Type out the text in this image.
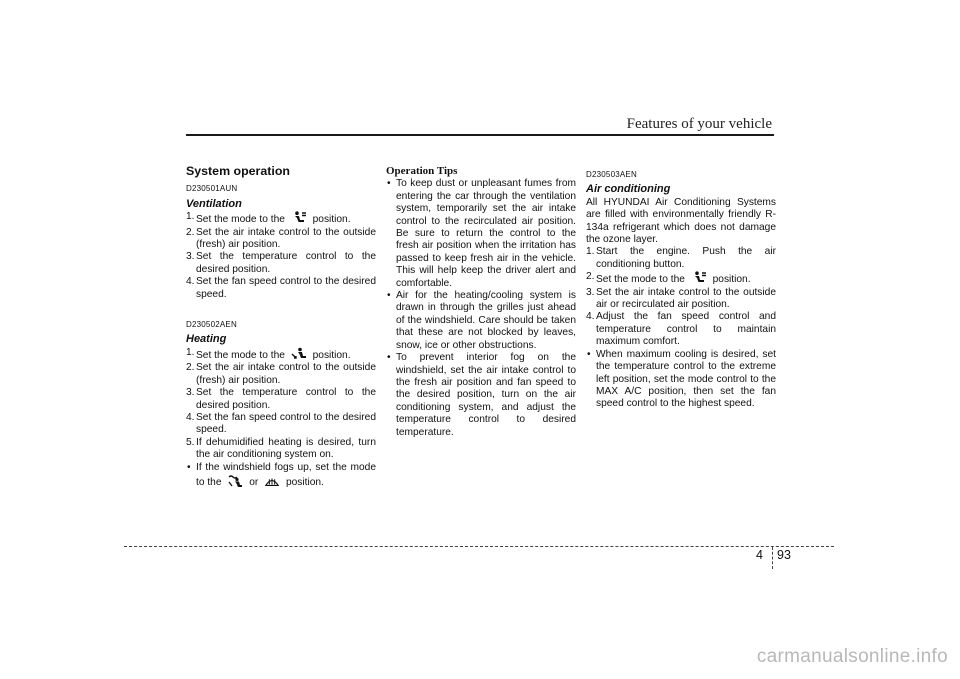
Features of your vehicle
System operation
D230501AUN
Ventilation
1. Set the mode to the	position.
2. Set the air intake control to the outside (fresh) air position.
3. Set the temperature control to the desired position.
4. Set the fan speed control to the desired speed.
D230502AEN
Heating
1. Set the mode to the	position.
2. Set the air intake control to the outside (fresh) air position.
3. Set the temperature control to the desired position.
4. Set the fan speed control to the desired speed.
5. If dehumidified heating is desired, turn the air conditioning system on.
• If the windshield fogs up, set the mode to the	or	position.
Operation Tips
• To keep dust or unpleasant fumes from entering the car through the ventilation system, temporarily set the air intake control to the recirculated air position. Be sure to return the control to the fresh air position when the irritation has passed to keep fresh air in the vehicle. This will help keep the driver alert and comfortable.
• Air for the heating/cooling system is drawn in through the grilles just ahead of the windshield. Care should be taken that these are not blocked by leaves, snow, ice or other obstructions.
• To prevent interior fog on the windshield, set the air intake control to the fresh air position and fan speed to the desired position, turn on the air conditioning system, and adjust the temperature control to desired temperature.
D230503AEN
Air conditioning
All HYUNDAI Air Conditioning Systems are filled with environmentally friendly R-134a refrigerant which does not damage the ozone layer.
1. Start the engine. Push the air conditioning button.
2. Set the mode to the	position.
3. Set the air intake control to the outside air or recirculated air position.
4. Adjust the fan speed control and temperature control to maintain maximum comfort.
• When maximum cooling is desired, set the temperature control to the extreme left position, set the mode control to the MAX A/C position, then set the fan speed control to the highest speed.
4 93
carmanualsonline.info
